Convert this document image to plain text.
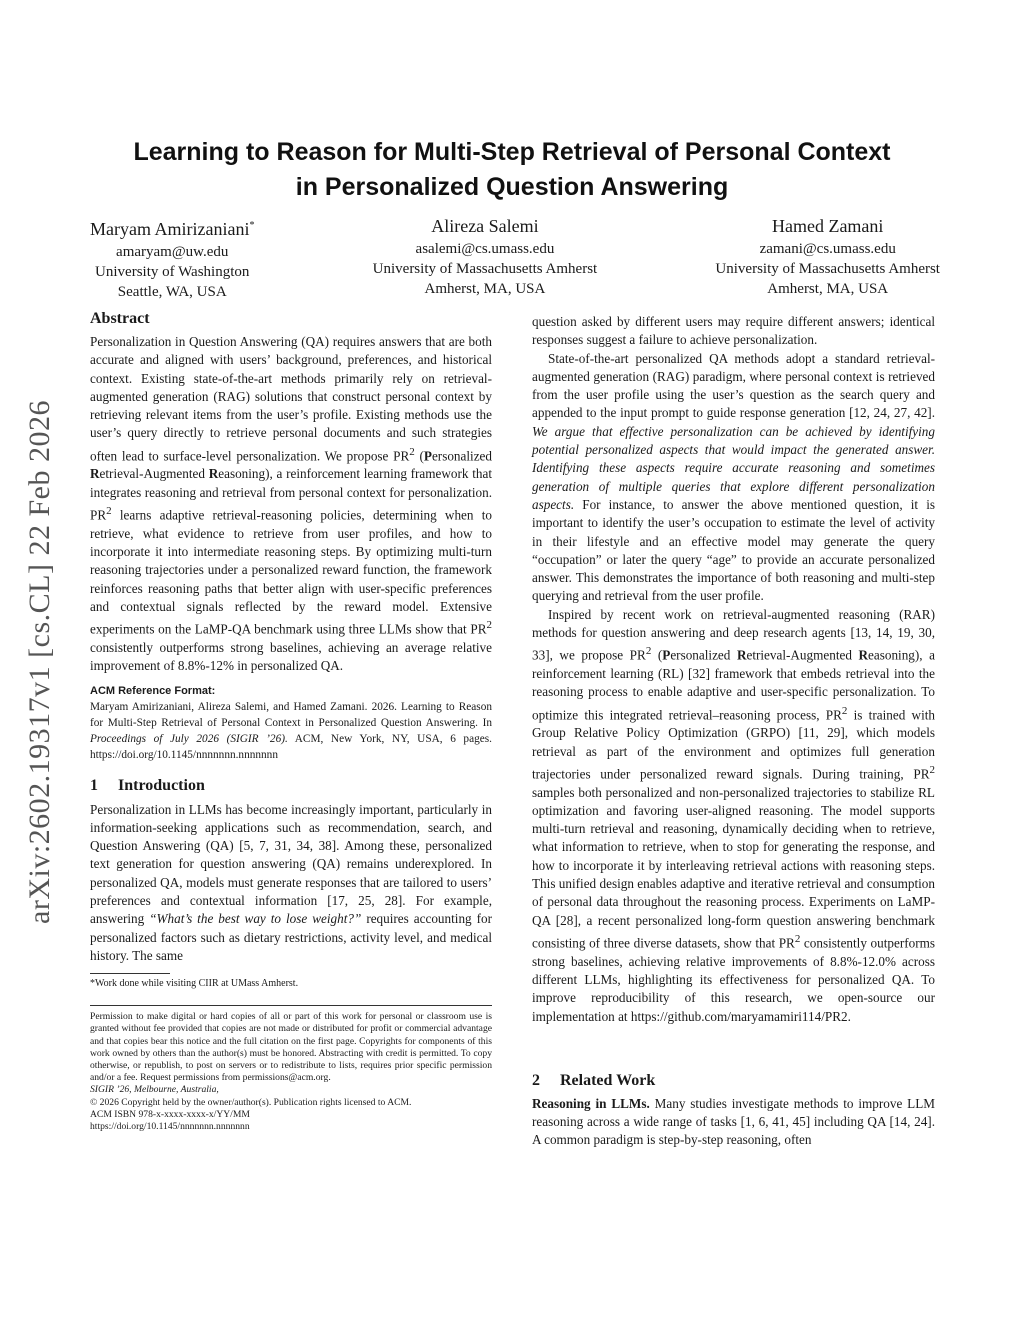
arXiv:2602.19317v1 [cs.CL] 22 Feb 2026
Learning to Reason for Multi-Step Retrieval of Personal Context
in Personalized Question Answering
Maryam Amirizaniani*
amaryam@uw.edu
University of Washington
Seattle, WA, USA
Alireza Salemi
asalemi@cs.umass.edu
University of Massachusetts Amherst
Amherst, MA, USA
Hamed Zamani
zamani@cs.umass.edu
University of Massachusetts Amherst
Amherst, MA, USA
Abstract

Personalization in Question Answering (QA) requires answers that are both accurate and aligned with users’ background, preferences, and historical context. Existing state-of-the-art methods primarily rely on retrieval-augmented generation (RAG) solutions that construct personal context by retrieving relevant items from the user’s profile. Existing methods use the user’s query directly to retrieve personal documents and such strategies often lead to surface-level personalization. We propose $PR^2$ (Personalized Retrieval-Augmented Reasoning), a reinforcement learning framework that integrates reasoning and retrieval from personal context for personalization. $PR^2$ learns adaptive retrieval-reasoning policies, determining when to retrieve, what evidence to retrieve from user profiles, and how to incorporate it into intermediate reasoning steps. By optimizing multi-turn reasoning trajectories under a personalized reward function, the framework reinforces reasoning paths that better align with user-specific preferences and contextual signals reflected by the reward model. Extensive experiments on the LaMP-QA benchmark using three LLMs show that $PR^2$ consistently outperforms strong baselines, achieving an average relative improvement of 8.8%-12% in personalized QA.

ACM Reference Format:

Maryam Amirizaniani, Alireza Salemi, and Hamed Zamani. 2026. Learning to Reason for Multi-Step Retrieval of Personal Context in Personalized Question Answering. In Proceedings of July 2026 (SIGIR ’26). ACM, New York, NY, USA, 6 pages. https://doi.org/10.1145/nnnnnnn.nnnnnnn

1 Introduction

Personalization in LLMs has become increasingly important, particularly in information-seeking applications such as recommendation, search, and Question Answering (QA) [5, 7, 31, 34, 38]. Among these, personalized text generation for question answering (QA) remains underexplored. In personalized QA, models must generate responses that are tailored to users’ preferences and contextual information [17, 25, 28]. For example, answering “What’s the best way to lose weight?” requires accounting for personalized factors such as dietary restrictions, activity level, and medical history. The same

*Work done while visiting CIIR at UMass Amherst.

Permission to make digital or hard copies of all or part of this work for personal or classroom use is granted without fee provided that copies are not made or distributed for profit or commercial advantage and that copies bear this notice and the full citation on the first page. Copyrights for components of this work owned by others than the author(s) must be honored. Abstracting with credit is permitted. To copy otherwise, or republish, to post on servers or to redistribute to lists, requires prior specific permission and/or a fee. Request permissions from permissions@acm.org.

SIGIR ’26, Melbourne, Australia,
© 2026 Copyright held by the owner/author(s). Publication rights licensed to ACM.
ACM ISBN 978-x-xxxx-xxxx-x/YY/MM
https://doi.org/10.1145/nnnnnnn.nnnnnnn

question asked by different users may require different answers; identical responses suggest a failure to achieve personalization.

State-of-the-art personalized QA methods adopt a standard retrieval-augmented generation (RAG) paradigm, where personal context is retrieved from the user profile using the user’s question as the search query and appended to the input prompt to guide response generation [12, 24, 27, 42]. We argue that effective personalization can be achieved by identifying potential personalized aspects that would impact the generated answer. Identifying these aspects require accurate reasoning and sometimes generation of multiple queries that explore different personalization aspects. For instance, to answer the above mentioned question, it is important to identify the user’s occupation to estimate the level of activity in their lifestyle and an effective model may generate the query “occupation” or later the query “age” to provide an accurate personalized answer. This demonstrates the importance of both reasoning and multi-step querying and retrieval from the user profile.

Inspired by recent work on retrieval-augmented reasoning (RAR) methods for question answering and deep research agents [13, 14, 19, 30, 33], we propose $PR^2$ (Personalized Retrieval-Augmented Reasoning), a reinforcement learning (RL) [32] framework that embeds retrieval into the reasoning process to enable adaptive and user-specific personalization. To optimize this integrated retrieval–reasoning process, $PR^2$ is trained with Group Relative Policy Optimization (GRPO) [11, 29], which models retrieval as part of the environment and optimizes full generation trajectories under personalized reward signals. During training, $PR^2$ samples both personalized and non-personalized trajectories to stabilize RL optimization and favoring user-aligned reasoning. The model supports multi-turn retrieval and reasoning, dynamically deciding when to retrieve, what information to retrieve, when to stop for generating the response, and how to incorporate it by interleaving retrieval actions with reasoning steps. This unified design enables adaptive and iterative retrieval and consumption of personal data throughout the reasoning process. Experiments on LaMP-QA [28], a recent personalized long-form question answering benchmark consisting of three diverse datasets, show that $PR^2$ consistently outperforms strong baselines, achieving relative improvements of 8.8%-12.0% across different LLMs, highlighting its effectiveness for personalized QA. To improve reproducibility of this research, we open-source our implementation at https://github.com/maryamamiri114/PR2.

2 Related Work

Reasoning in LLMs. Many studies investigate methods to improve LLM reasoning across a wide range of tasks [1, 6, 41, 45] including QA [14, 24]. A common paradigm is step-by-step reasoning, often
